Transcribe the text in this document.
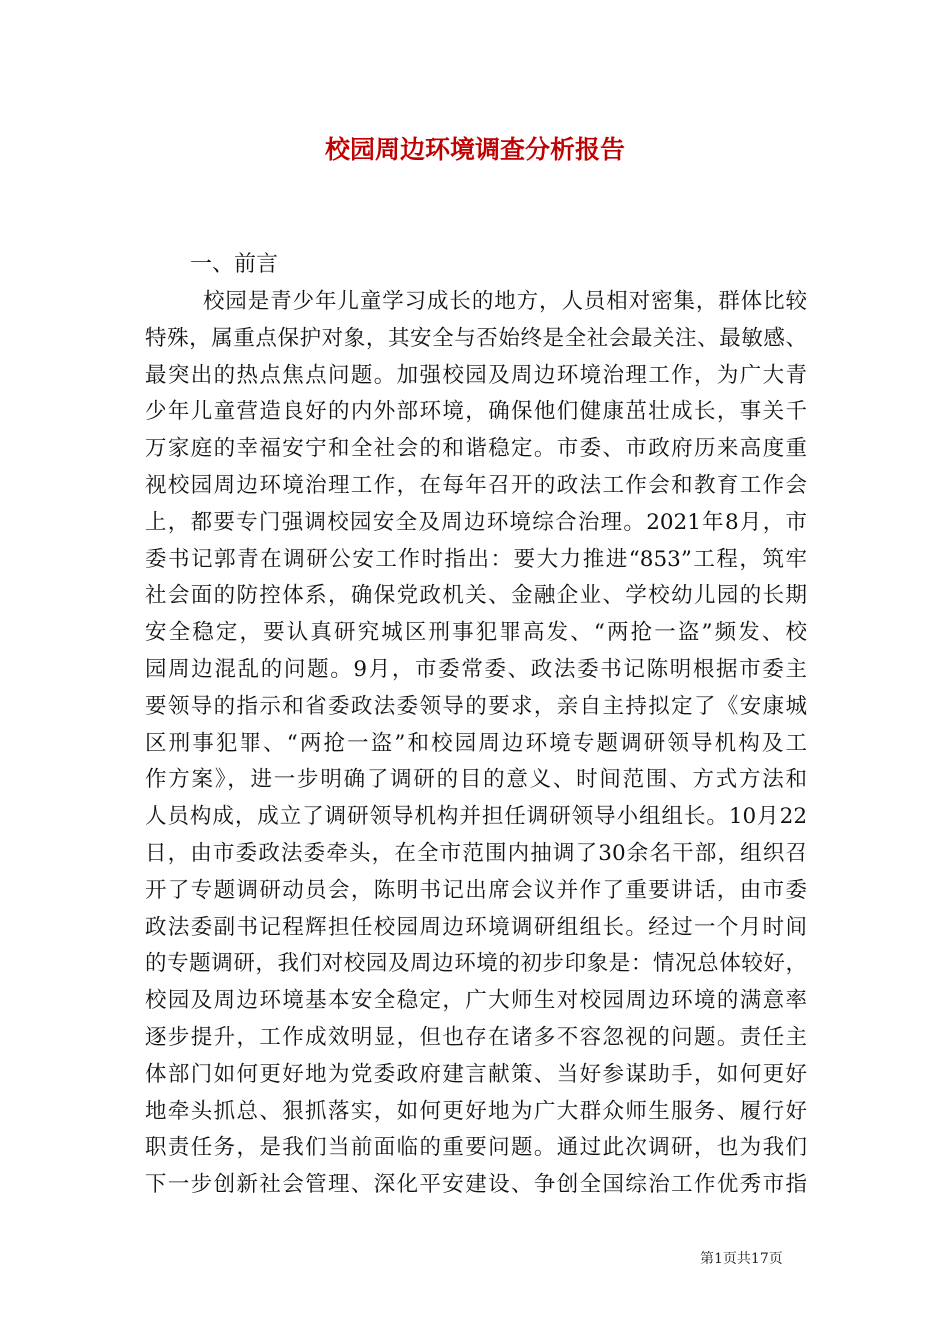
校园周边环境调查分析报告

一、前言

校园是青少年儿童学习成长的地方，人员相对密集，群体比较
特殊，属重点保护对象，其安全与否始终是全社会最关注、最敏感、
最突出的热点焦点问题。加强校园及周边环境治理工作，为广大青
少年儿童营造良好的内外部环境，确保他们健康茁壮成长，事关千
万家庭的幸福安宁和全社会的和谐稳定。市委、市政府历来高度重
视校园周边环境治理工作，在每年召开的政法工作会和教育工作会
上，都要专门强调校园安全及周边环境综合治理。2021年8月，市
委书记郭青在调研公安工作时指出：要大力推进“853”工程，筑牢
社会面的防控体系，确保党政机关、金融企业、学校幼儿园的长期
安全稳定，要认真研究城区刑事犯罪高发、“两抢一盗”频发、校
园周边混乱的问题。9月，市委常委、政法委书记陈明根据市委主
要领导的指示和省委政法委领导的要求，亲自主持拟定了《安康城
区刑事犯罪、“两抢一盗”和校园周边环境专题调研领导机构及工
作方案》，进一步明确了调研的目的意义、时间范围、方式方法和
人员构成，成立了调研领导机构并担任调研领导小组组长。10月22
日，由市委政法委牵头，在全市范围内抽调了30余名干部，组织召
开了专题调研动员会，陈明书记出席会议并作了重要讲话，由市委
政法委副书记程辉担任校园周边环境调研组组长。经过一个月时间
的专题调研，我们对校园及周边环境的初步印象是：情况总体较好，
校园及周边环境基本安全稳定，广大师生对校园周边环境的满意率
逐步提升，工作成效明显，但也存在诸多不容忽视的问题。责任主
体部门如何更好地为党委政府建言献策、当好参谋助手，如何更好
地牵头抓总、狠抓落实，如何更好地为广大群众师生服务、履行好
职责任务，是我们当前面临的重要问题。通过此次调研，也为我们
下一步创新社会管理、深化平安建设、争创全国综治工作优秀市指
第1页共17页
